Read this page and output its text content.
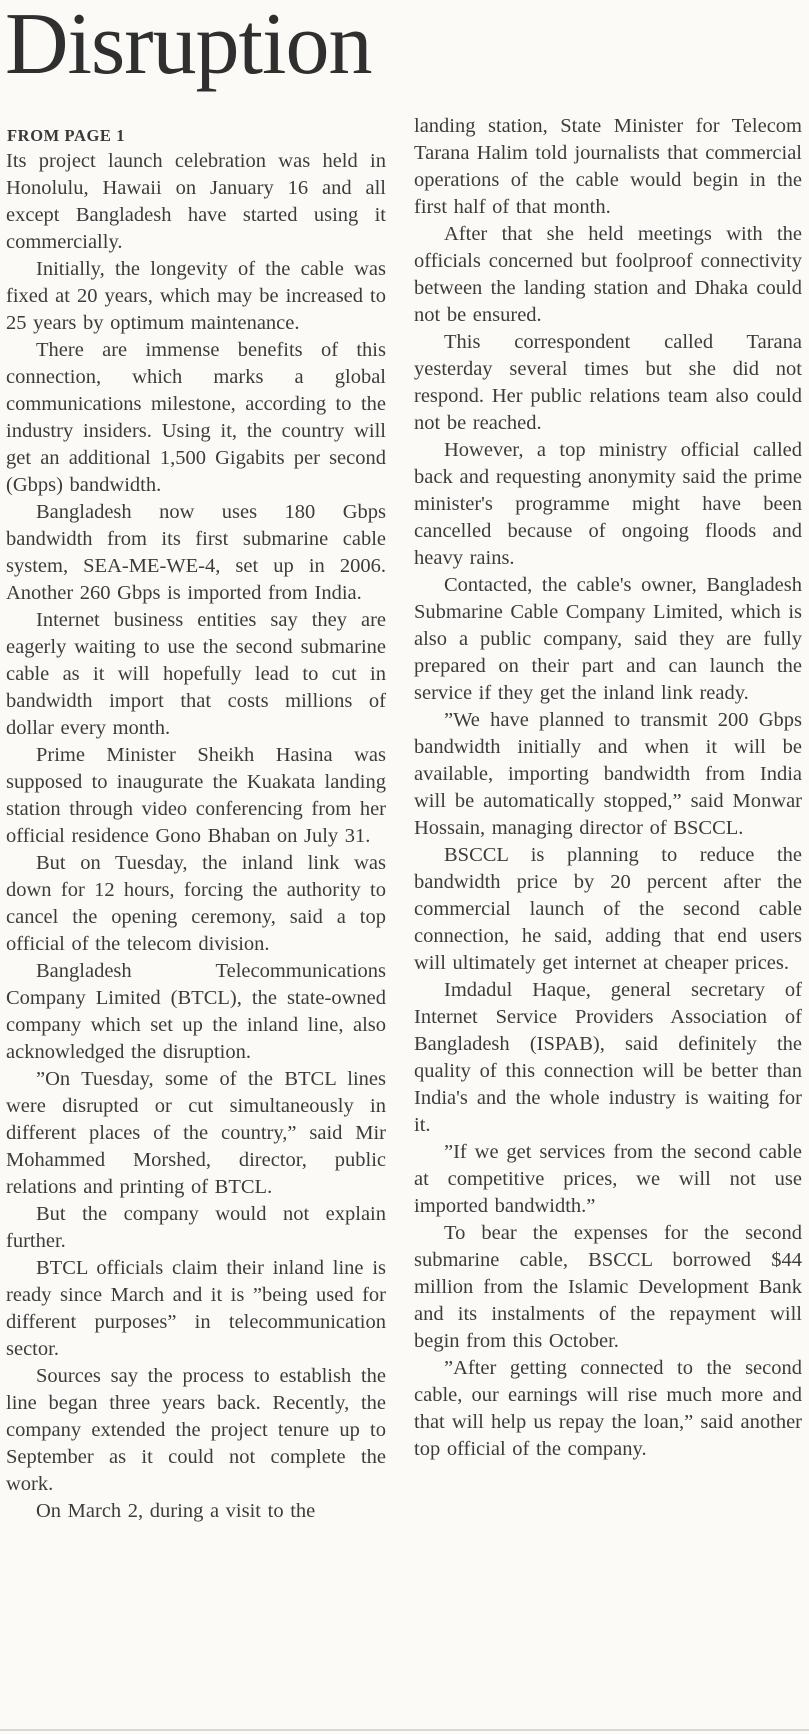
Disruption
FROM PAGE 1

Its project launch celebration was held in Honolulu, Hawaii on January 16 and all except Bangladesh have started using it commercially.

Initially, the longevity of the cable was fixed at 20 years, which may be increased to 25 years by optimum maintenance.

There are immense benefits of this connection, which marks a global communications milestone, according to the industry insiders. Using it, the country will get an additional 1,500 Gigabits per second (Gbps) bandwidth.

Bangladesh now uses 180 Gbps bandwidth from its first submarine cable system, SEA-ME-WE-4, set up in 2006. Another 260 Gbps is imported from India.

Internet business entities say they are eagerly waiting to use the second submarine cable as it will hopefully lead to cut in bandwidth import that costs millions of dollar every month.

Prime Minister Sheikh Hasina was supposed to inaugurate the Kuakata landing station through video conferencing from her official residence Gono Bhaban on July 31.

But on Tuesday, the inland link was down for 12 hours, forcing the authority to cancel the opening ceremony, said a top official of the telecom division.

Bangladesh Telecommunications Company Limited (BTCL), the state-owned company which set up the inland line, also acknowledged the disruption.

”On Tuesday, some of the BTCL lines were disrupted or cut simultaneously in different places of the country,” said Mir Mohammed Morshed, director, public relations and printing of BTCL.

But the company would not explain further.

BTCL officials claim their inland line is ready since March and it is ”being used for different purposes” in telecommunication sector.

Sources say the process to establish the line began three years back. Recently, the company extended the project tenure up to September as it could not complete the work.

On March 2, during a visit to the

landing station, State Minister for Telecom Tarana Halim told journalists that commercial operations of the cable would begin in the first half of that month.

After that she held meetings with the officials concerned but foolproof connectivity between the landing station and Dhaka could not be ensured.

This correspondent called Tarana yesterday several times but she did not respond. Her public relations team also could not be reached.

However, a top ministry official called back and requesting anonymity said the prime minister's programme might have been cancelled because of ongoing floods and heavy rains.

Contacted, the cable's owner, Bangladesh Submarine Cable Company Limited, which is also a public company, said they are fully prepared on their part and can launch the service if they get the inland link ready.

”We have planned to transmit 200 Gbps bandwidth initially and when it will be available, importing bandwidth from India will be automatically stopped,” said Monwar Hossain, managing director of BSCCL.

BSCCL is planning to reduce the bandwidth price by 20 percent after the commercial launch of the second cable connection, he said, adding that end users will ultimately get internet at cheaper prices.

Imdadul Haque, general secretary of Internet Service Providers Association of Bangladesh (ISPAB), said definitely the quality of this connection will be better than India's and the whole industry is waiting for it.

”If we get services from the second cable at competitive prices, we will not use imported bandwidth.”

To bear the expenses for the second submarine cable, BSCCL borrowed $44 million from the Islamic Development Bank and its instalments of the repayment will begin from this October.

”After getting connected to the second cable, our earnings will rise much more and that will help us repay the loan,” said another top official of the company.
